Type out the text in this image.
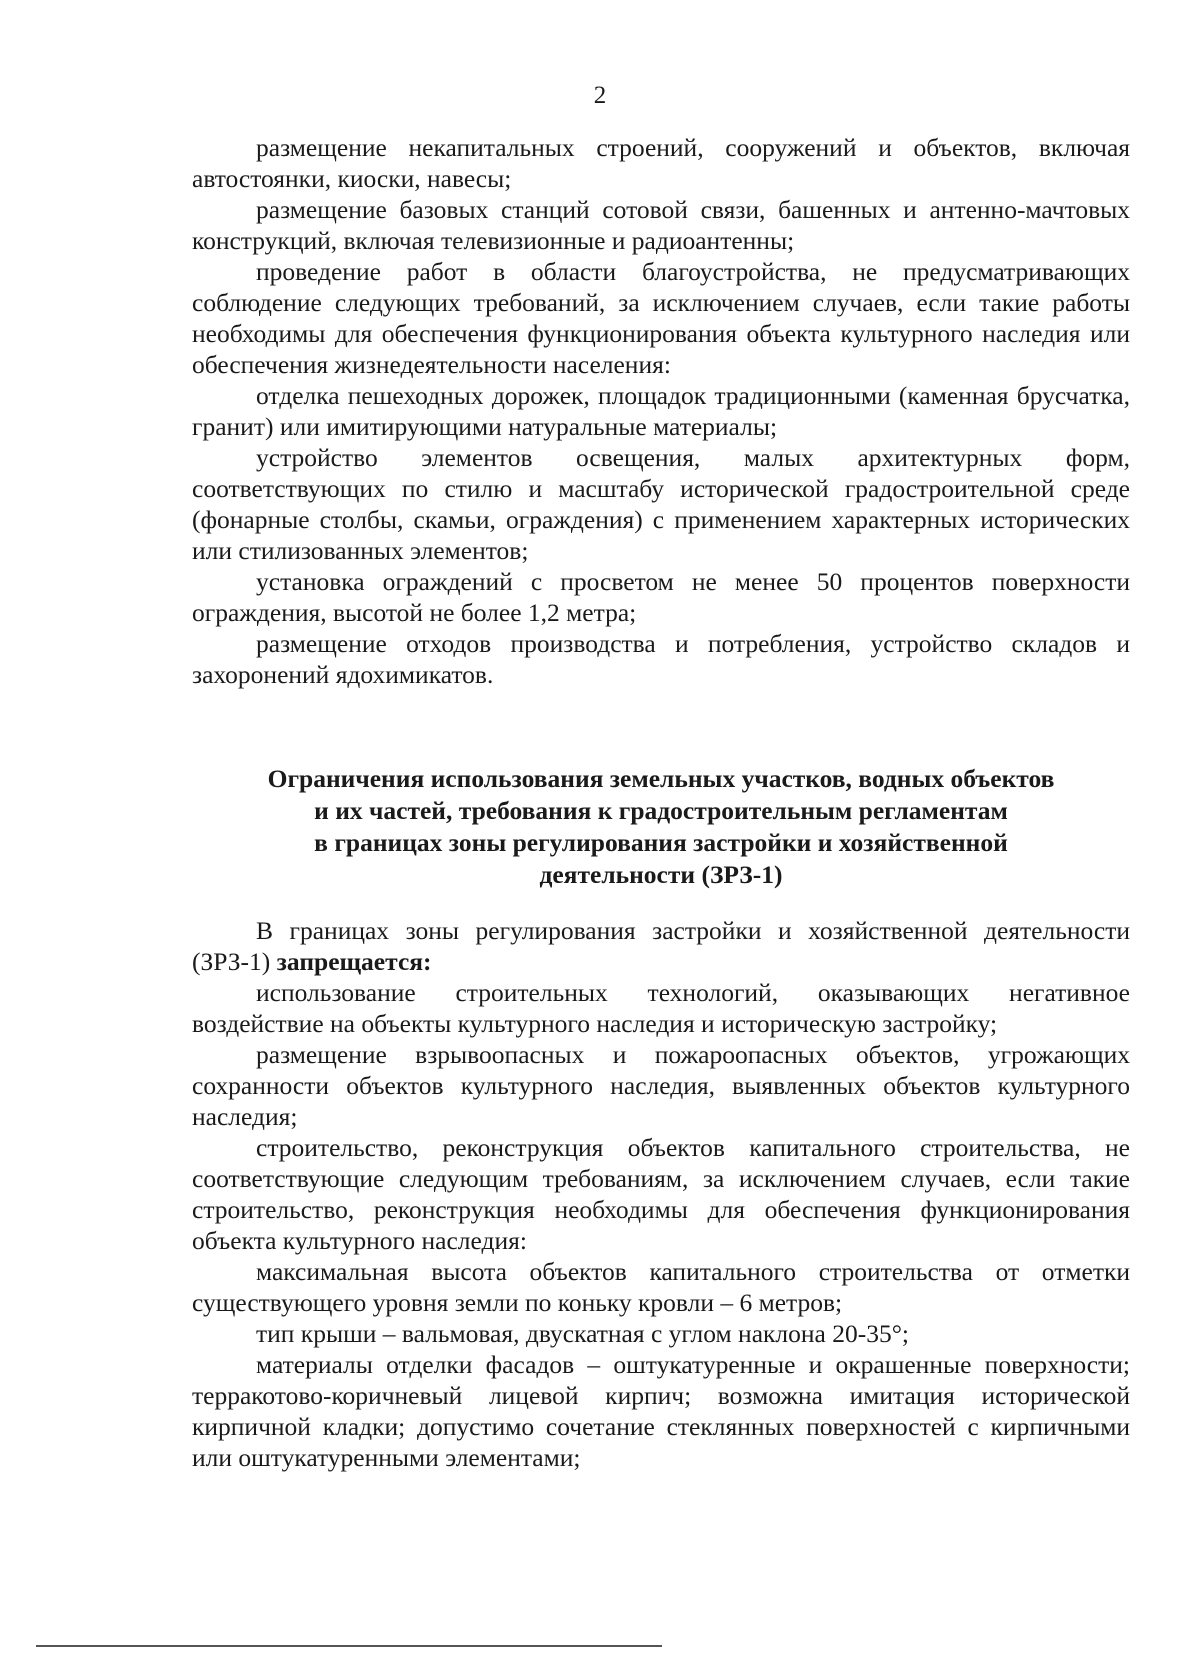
2

размещение некапитальных строений, сооружений и объектов, включая автостоянки, киоски, навесы;

размещение базовых станций сотовой связи, башенных и антенно-мачтовых конструкций, включая телевизионные и радиоантенны;

проведение работ в области благоустройства, не предусматривающих соблюдение следующих требований, за исключением случаев, если такие работы необходимы для обеспечения функционирования объекта культурного наследия или обеспечения жизнедеятельности населения:

отделка пешеходных дорожек, площадок традиционными (каменная брусчатка, гранит) или имитирующими натуральные материалы;

устройство элементов освещения, малых архитектурных форм, соответствующих по стилю и масштабу исторической градостроительной среде (фонарные столбы, скамьи, ограждения) с применением характерных исторических или стилизованных элементов;

установка ограждений с просветом не менее 50 процентов поверхности ограждения, высотой не более 1,2 метра;

размещение отходов производства и потребления, устройство складов и захоронений ядохимикатов.

Ограничения использования земельных участков, водных объектов
и их частей, требования к градостроительным регламентам
в границах зоны регулирования застройки и хозяйственной
деятельности (ЗРЗ-1)

В границах зоны регулирования застройки и хозяйственной деятельности (ЗРЗ-1) запрещается:

использование строительных технологий, оказывающих негативное воздействие на объекты культурного наследия и историческую застройку;

размещение взрывоопасных и пожароопасных объектов, угрожающих сохранности объектов культурного наследия, выявленных объектов культурного наследия;

строительство, реконструкция объектов капитального строительства, не соответствующие следующим требованиям, за исключением случаев, если такие строительство, реконструкция необходимы для обеспечения функционирования объекта культурного наследия:

максимальная высота объектов капитального строительства от отметки существующего уровня земли по коньку кровли – 6 метров;

тип крыши – вальмовая, двускатная с углом наклона 20-35°;

материалы отделки фасадов – оштукатуренные и окрашенные поверхности; терракотово-коричневый лицевой кирпич; возможна имитация исторической кирпичной кладки; допустимо сочетание стеклянных поверхностей с кирпичными или оштукатуренными элементами;
